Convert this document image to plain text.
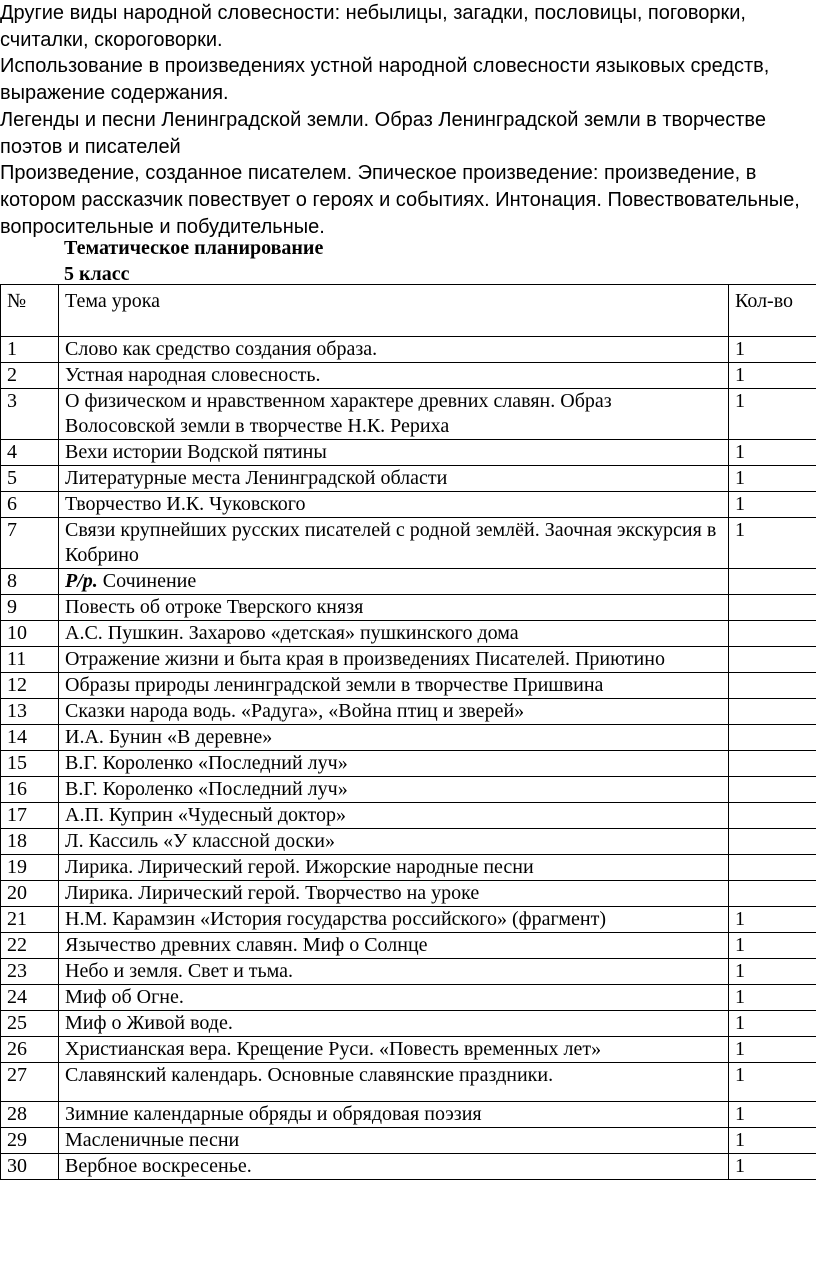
Другие виды народной словесности: небылицы, загадки, пословицы, поговорки, считалки, скороговорки.

Использование в произведениях устной народной словесности языковых средств, выражение содержания.

Легенды и песни Ленинградской земли. Образ Ленинградской земли в творчестве поэтов и писателей

Произведение, созданное писателем. Эпическое произведение: произведение, в котором рассказчик повествует о героях и событиях. Интонация. Повествовательные, вопросительные и побудительные.

Тематическое планирование
5 класс
№	Тема урока	Кол-во
1	Слово как средство создания образа.	1
2	Устная народная словесность.	1
3	О физическом и нравственном характере древних славян. Образ Волосовской земли в творчестве Н.К. Рериха	1
4	Вехи истории Водской пятины	1
5	Литературные места Ленинградской области	1
6	Творчество И.К. Чуковского	1
7	Связи крупнейших русских писателей с родной землёй. Заочная экскурсия в Кобрино	1
8	Р/р. Сочинение	
9	Повесть об отроке Тверского князя	
10	А.С. Пушкин. Захарово «детская» пушкинского дома	
11	Отражение жизни и быта края в произведениях Писателей. Приютино	
12	Образы природы ленинградской земли в творчестве Пришвина	
13	Сказки народа водь. «Радуга», «Война птиц и зверей»	
14	И.А. Бунин «В деревне»	
15	В.Г. Короленко «Последний луч»	
16	В.Г. Короленко «Последний луч»	
17	А.П. Куприн «Чудесный доктор»	
18	Л. Кассиль «У классной доски»	
19	Лирика. Лирический герой. Ижорские народные песни	
20	Лирика. Лирический герой. Творчество на уроке	
21	Н.М. Карамзин «История государства российского» (фрагмент)	1
22	Язычество древних славян. Миф о Солнце	1
23	Небо и земля. Свет и тьма.	1
24	Миф об Огне.	1
25	Миф о Живой воде.	1
26	Христианская вера. Крещение Руси. «Повесть временных лет»	1
27	Славянский календарь. Основные славянские праздники.	1
28	Зимние календарные обряды и обрядовая поэзия	1
29	Масленичные песни	1
30	Вербное воскресенье.	1
